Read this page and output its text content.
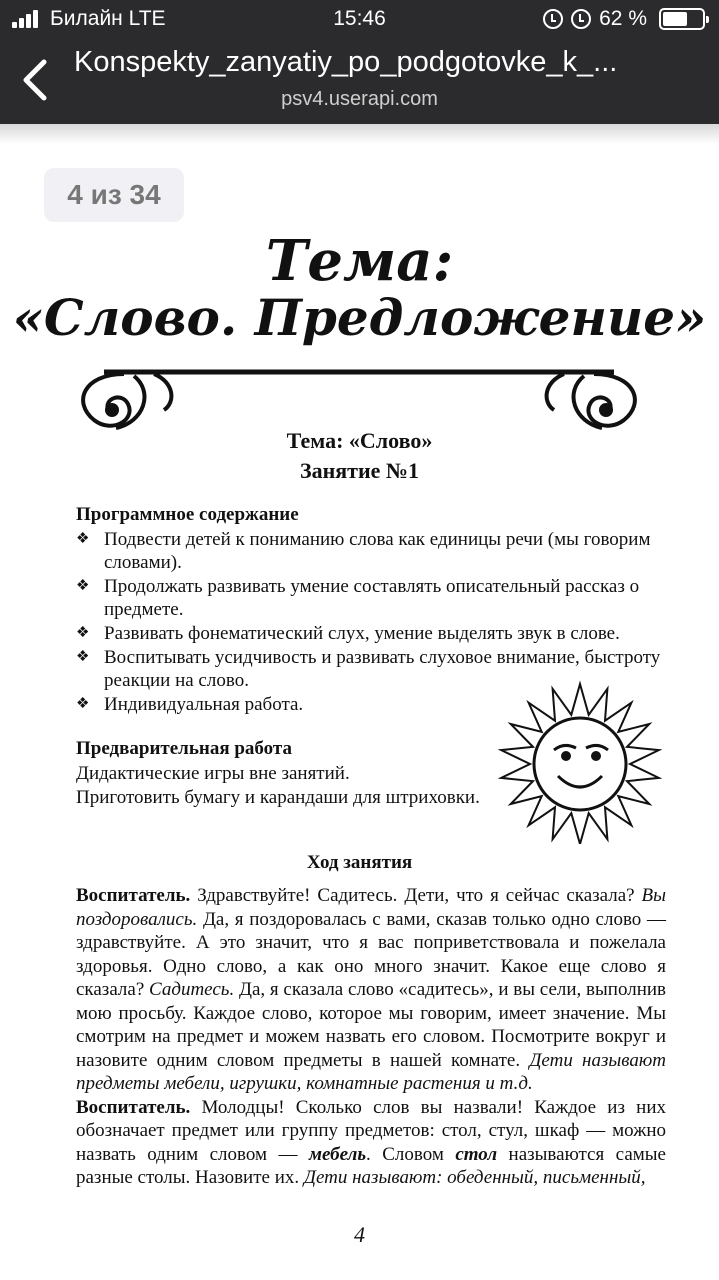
Билайн LTE	15:46	62 %
Konspekty_zanyatiy_po_podgotovke_k_...
psv4.userapi.com
4 из 34
Тема:
«Слово. Предложение»
Тема: «Слово»
Занятие №1
Программное содержание
❖ Подвести детей к пониманию слова как единицы речи (мы говорим словами).
❖ Продолжать развивать умение составлять описательный рассказ о предмете.
❖ Развивать фонематический слух, умение выделять звук в слове.
❖ Воспитывать усидчивость и развивать слуховое внимание, быстроту реакции на слово.
❖ Индивидуальная работа.
Предварительная работа
Дидактические игры вне занятий.
Приготовить бумагу и карандаши для штриховки.
Ход занятия

Воспитатель. Здравствуйте! Садитесь. Дети, что я сейчас сказала? Вы поздоровались. Да, я поздоровалась с вами, сказав только одно слово — здравствуйте. А это значит, что я вас поприветствовала и пожелала здоровья. Одно слово, а как оно много значит. Какое еще слово я сказала? Садитесь. Да, я сказала слово «садитесь», и вы сели, выполнив мою просьбу. Каждое слово, которое мы говорим, имеет значение. Мы смотрим на предмет и можем назвать его словом. Посмотрите вокруг и назовите одним словом предметы в нашей комнате. Дети называют предметы мебели, игрушки, комнатные растения и т.д.

Воспитатель. Молодцы! Сколько слов вы назвали! Каждое из них обозначает предмет или группу предметов: стол, стул, шкаф — можно назвать одним словом — мебель. Словом стол называются самые разные столы. Назовите их. Дети называют: обеденный, письменный,

4
